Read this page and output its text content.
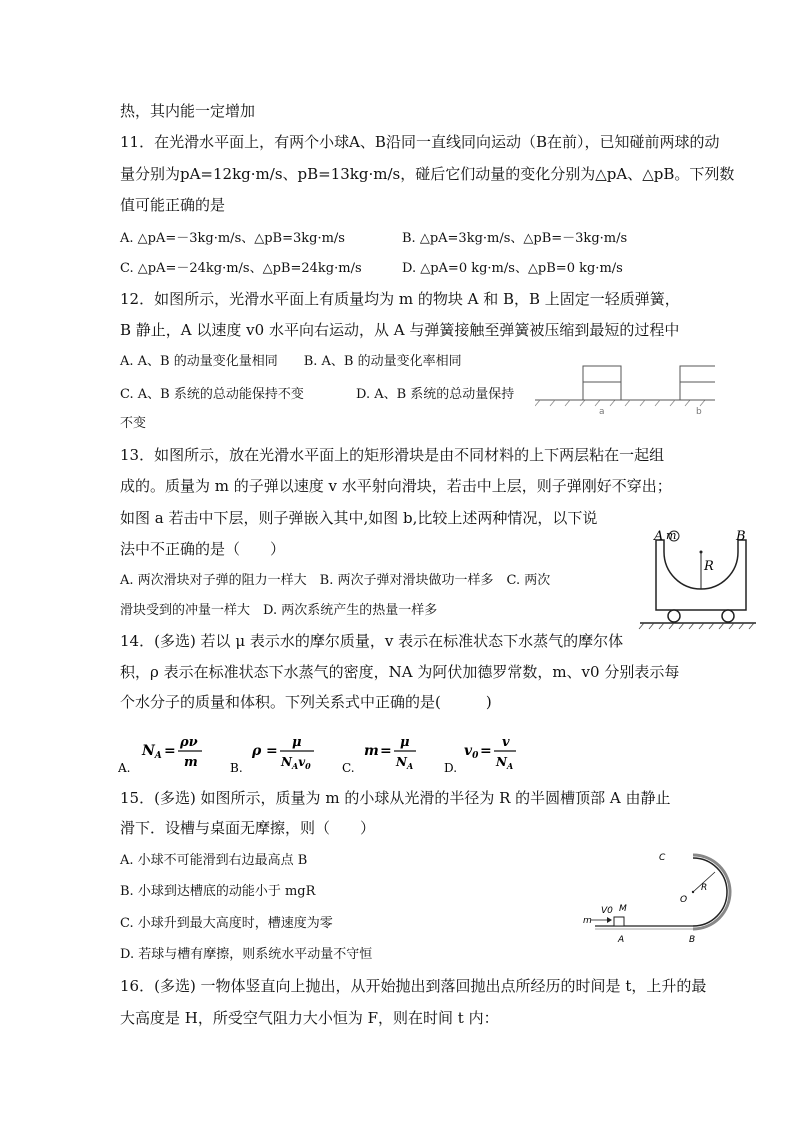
热，其内能一定增加
11．在光滑水平面上，有两个小球A、B沿同一直线同向运动（B在前），已知碰前两球的动
量分别为pA=12kg·m/s、pB=13kg·m/s，碰后它们动量的变化分别为△pA、△pB。下列数
值可能正确的是
A. △pA=－3kg·m/s、△pB=3kg·m/s	B. △pA=3kg·m/s、△pB=－3kg·m/s
C. △pA=－24kg·m/s、△pB=24kg·m/s	D. △pA=0 kg·m/s、△pB=0 kg·m/s
12．如图所示，光滑水平面上有质量均为 m 的物块 A 和 B，B 上固定一轻质弹簧，
B 静止，A 以速度 v0 水平向右运动，从 A 与弹簧接触至弹簧被压缩到最短的过程中
A. A、B 的动量变化量相同　　B. A、B 的动量变化率相同
C. A、B 系统的总动能保持不变	D. A、B 系统的总动量保持
不变
13．如图所示，放在光滑水平面上的矩形滑块是由不同材料的上下两层粘在一起组
成的。质量为 m 的子弹以速度 v 水平射向滑块，若击中上层，则子弹刚好不穿出；
如图 a 若击中下层，则子弹嵌入其中,如图 b,比较上述两种情况，以下说
法中不正确的是（　　）
A. 两次滑块对子弹的阻力一样大　B. 两次子弹对滑块做功一样多　C. 两次
滑块受到的冲量一样大　D. 两次系统产生的热量一样多
14．(多选) 若以 μ 表示水的摩尔质量，v 表示在标准状态下水蒸气的摩尔体
积，ρ 表示在标准状态下水蒸气的密度，NA 为阿伏加德罗常数，m、v0 分别表示每
个水分子的质量和体积。下列关系式中正确的是(　　　)
A.
$N_A$ =
ρν
m	B.
ρ =
μ
$N_Av_0$	C.
m =
μ
$N_A$	D.
$v_0$ =
v
$N_A$
15．(多选) 如图所示，质量为 m 的小球从光滑的半径为 R 的半圆槽顶部 A 由静止
滑下．设槽与桌面无摩擦，则（　　）
A. 小球不可能滑到右边最高点 B
B. 小球到达槽底的动能小于 mgR
C. 小球升到最大高度时，槽速度为零
D. 若球与槽有摩擦，则系统水平动量不守恒
16．(多选) 一物体竖直向上抛出，从开始抛出到落回抛出点所经历的时间是 t，上升的最
大高度是 H，所受空气阻力大小恒为 F，则在时间 t 内：
a	b
A m	B
R
V0
m
M
A	B
C
O
R
